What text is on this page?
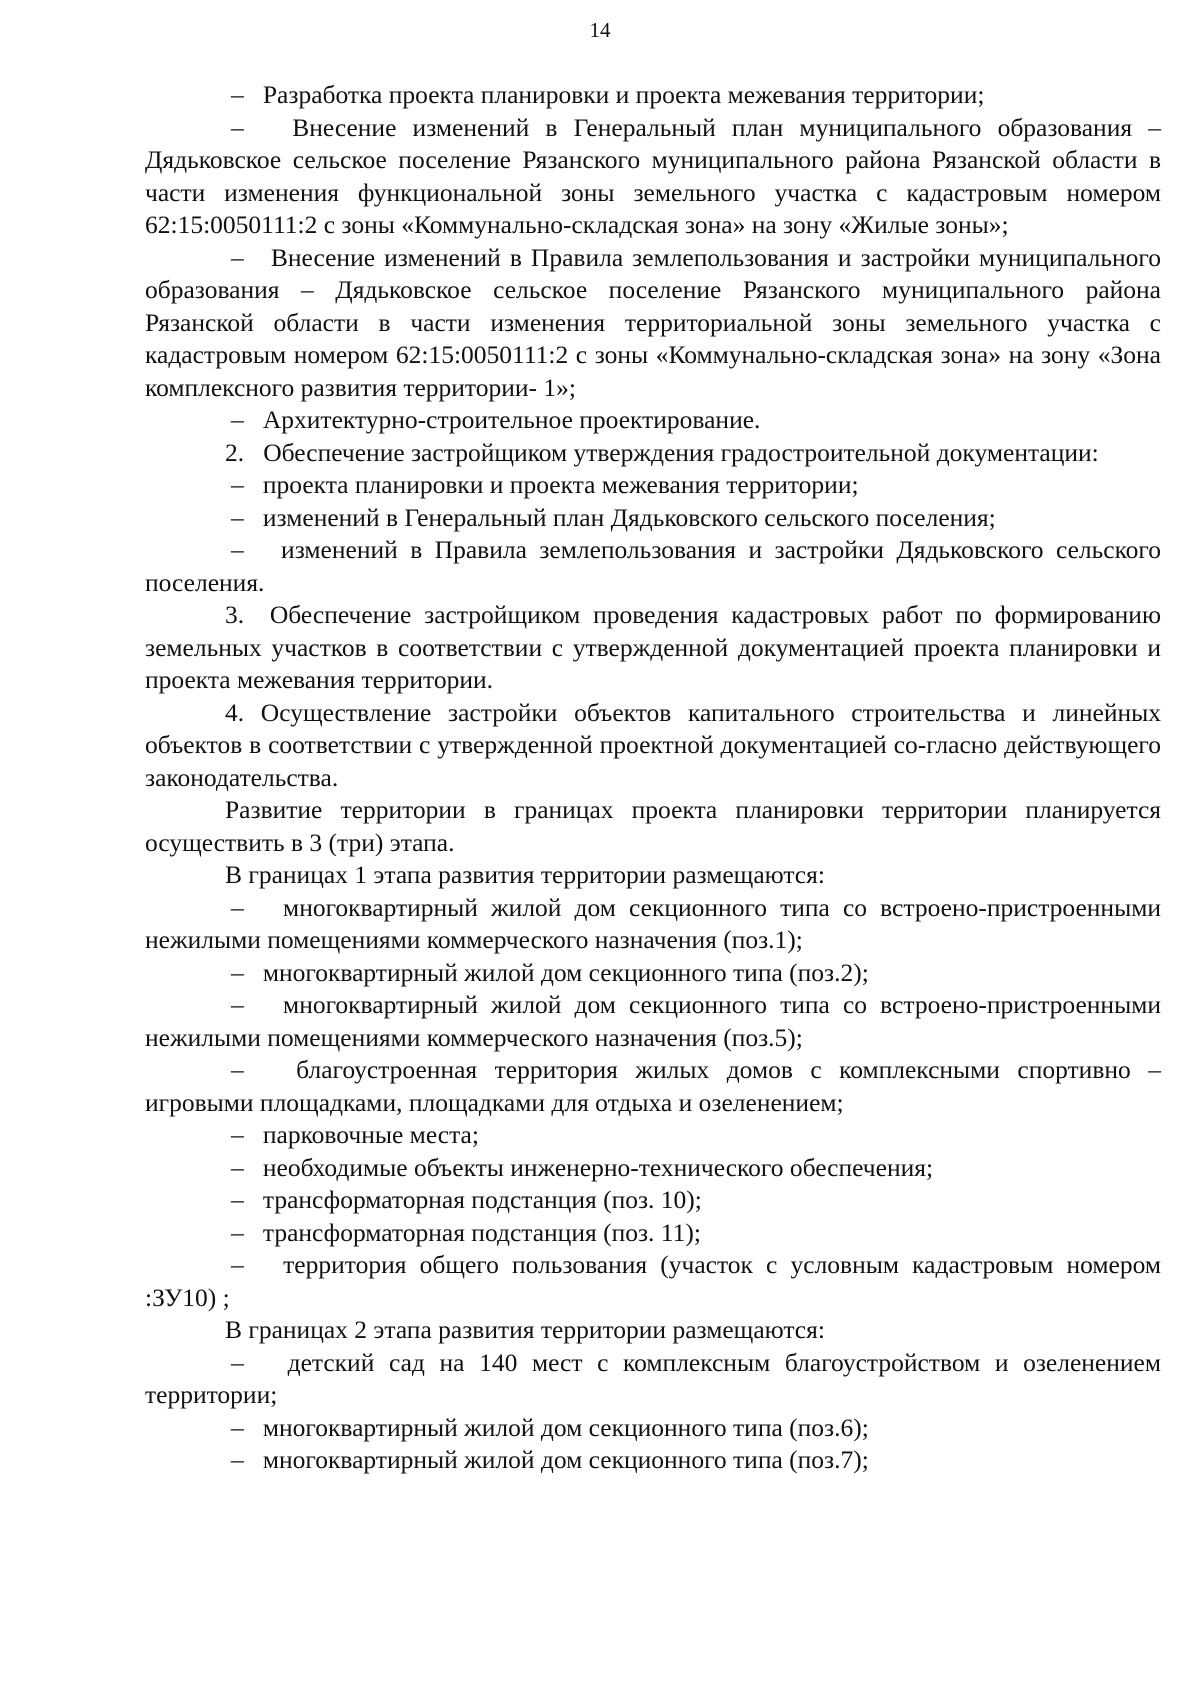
14

–   Разработка проекта планировки и проекта межевания территории;

–   Внесение изменений в Генеральный план муниципального образования – Дядьковское сельское поселение Рязанского муниципального района Рязанской области в части изменения функциональной зоны земельного участка с кадастровым номером 62:15:0050111:2 с зоны «Коммунально-складская зона» на зону «Жилые зоны»;

–   Внесение изменений в Правила землепользования и застройки муниципального образования – Дядьковское сельское поселение Рязанского муниципального района Рязанской области в части изменения территориальной зоны земельного участка с кадастровым номером 62:15:0050111:2 с зоны «Коммунально-складская зона» на зону «Зона комплексного развития территории- 1»;

–   Архитектурно-строительное проектирование.

2.   Обеспечение застройщиком утверждения градостроительной документации:

–   проекта планировки и проекта межевания территории;

–   изменений в Генеральный план Дядьковского сельского поселения;

–   изменений в Правила землепользования и застройки Дядьковского сельского поселения.

3.  Обеспечение застройщиком проведения кадастровых работ по формированию земельных участков в соответствии с утвержденной документацией проекта планировки и проекта межевания территории.

4. Осуществление застройки объектов капитального строительства и линейных объектов в соответствии с утвержденной проектной документацией со-гласно действующего законодательства.

Развитие территории в границах проекта планировки территории планируется осуществить в 3 (три) этапа.

В границах 1 этапа развития территории размещаются:

–   многоквартирный жилой дом секционного типа со встроено-пристроенными нежилыми помещениями коммерческого назначения (поз.1);

–   многоквартирный жилой дом секционного типа (поз.2);

–   многоквартирный жилой дом секционного типа со встроено-пристроенными нежилыми помещениями коммерческого назначения (поз.5);

–   благоустроенная территория жилых домов с комплексными спортивно – игровыми площадками, площадками для отдыха и озеленением;

–   парковочные места;

–   необходимые объекты инженерно-технического обеспечения;

–   трансформаторная подстанция (поз. 10);

–   трансформаторная подстанция (поз. 11);

–   территория общего пользования (участок с условным кадастровым номером :ЗУ10) ;

В границах 2 этапа развития территории размещаются:

–   детский сад на 140 мест с комплексным благоустройством и озеленением территории;

–   многоквартирный жилой дом секционного типа (поз.6);

–   многоквартирный жилой дом секционного типа (поз.7);
